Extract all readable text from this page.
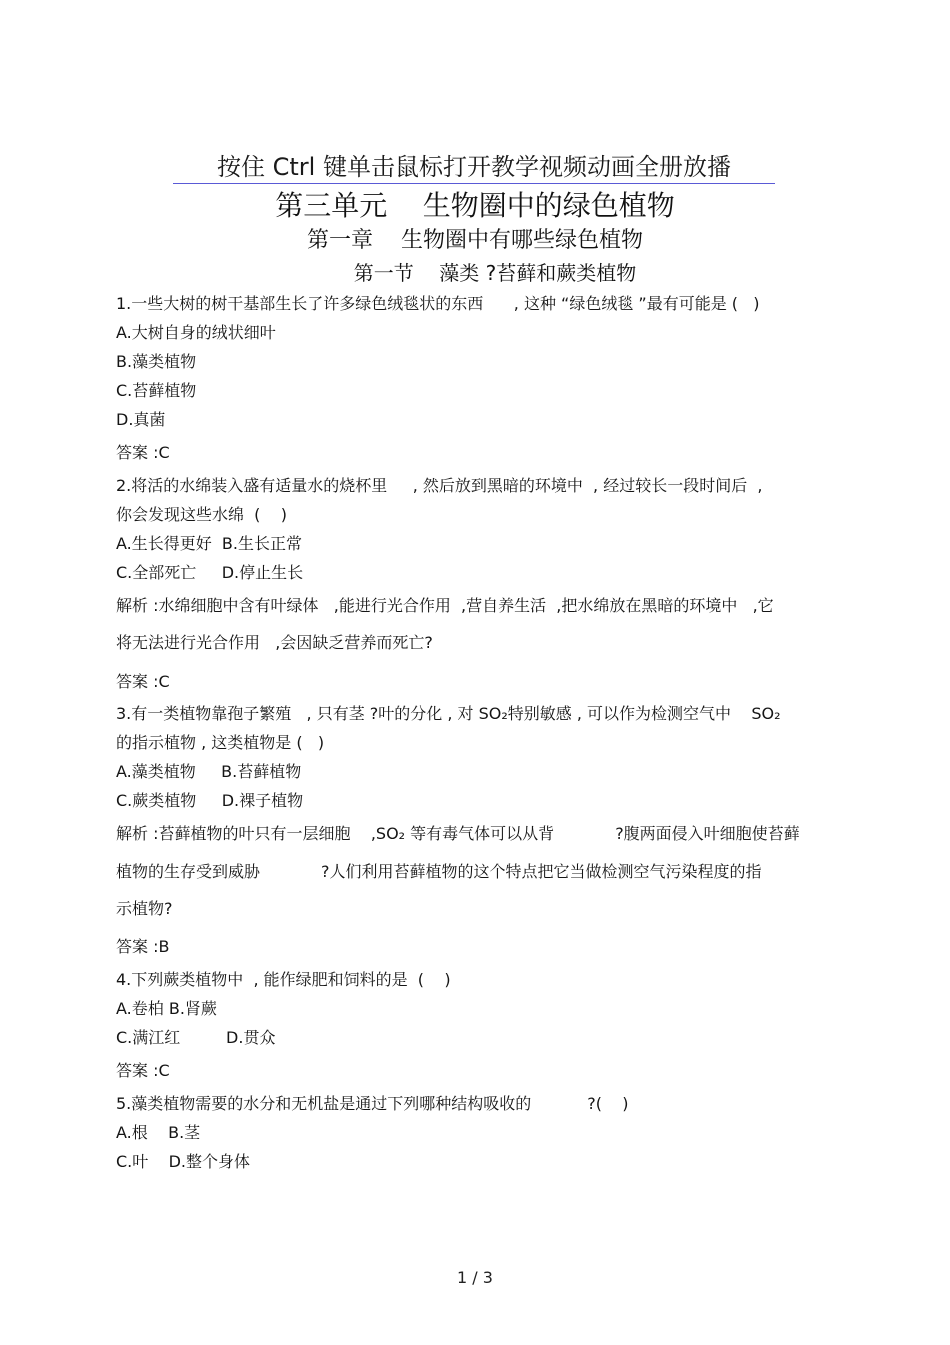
按住 Ctrl 键单击鼠标打开教学视频动画全册放播
第三单元    生物圈中的绿色植物
第一章    生物圈中有哪些绿色植物
第一节    藻类 ?苔藓和蕨类植物
1.一些大树的树干基部生长了许多绿色绒毯状的东西      , 这种 “绿色绒毯 ”最有可能是 (   )
A.大树自身的绒状细叶
B.藻类植物
C.苔藓植物
D.真菌
答案 :C
2.将活的水绵装入盛有适量水的烧杯里     , 然后放到黑暗的环境中  , 经过较长一段时间后  ,
你会发现这些水绵  (    )
A.生长得更好  B.生长正常
C.全部死亡     D.停止生长
解析 :水绵细胞中含有叶绿体   ,能进行光合作用  ,营自养生活  ,把水绵放在黑暗的环境中   ,它
将无法进行光合作用   ,会因缺乏营养而死亡?
答案 :C
3.有一类植物靠孢子繁殖   , 只有茎 ?叶的分化 , 对 SO₂特别敏感 , 可以作为检测空气中    SO₂
的指示植物 , 这类植物是 (   )
A.藻类植物     B.苔藓植物
C.蕨类植物     D.裸子植物
解析 :苔藓植物的叶只有一层细胞    ,SO₂ 等有毒气体可以从背            ?腹两面侵入叶细胞使苔藓
植物的生存受到威胁            ?人们利用苔藓植物的这个特点把它当做检测空气污染程度的指
示植物?
答案 :B
4.下列蕨类植物中  , 能作绿肥和饲料的是  (    )
A.卷柏 B.肾蕨
C.满江红         D.贯众
答案 :C
5.藻类植物需要的水分和无机盐是通过下列哪种结构吸收的           ?(    )
A.根    B.茎
C.叶    D.整个身体
1 / 3
